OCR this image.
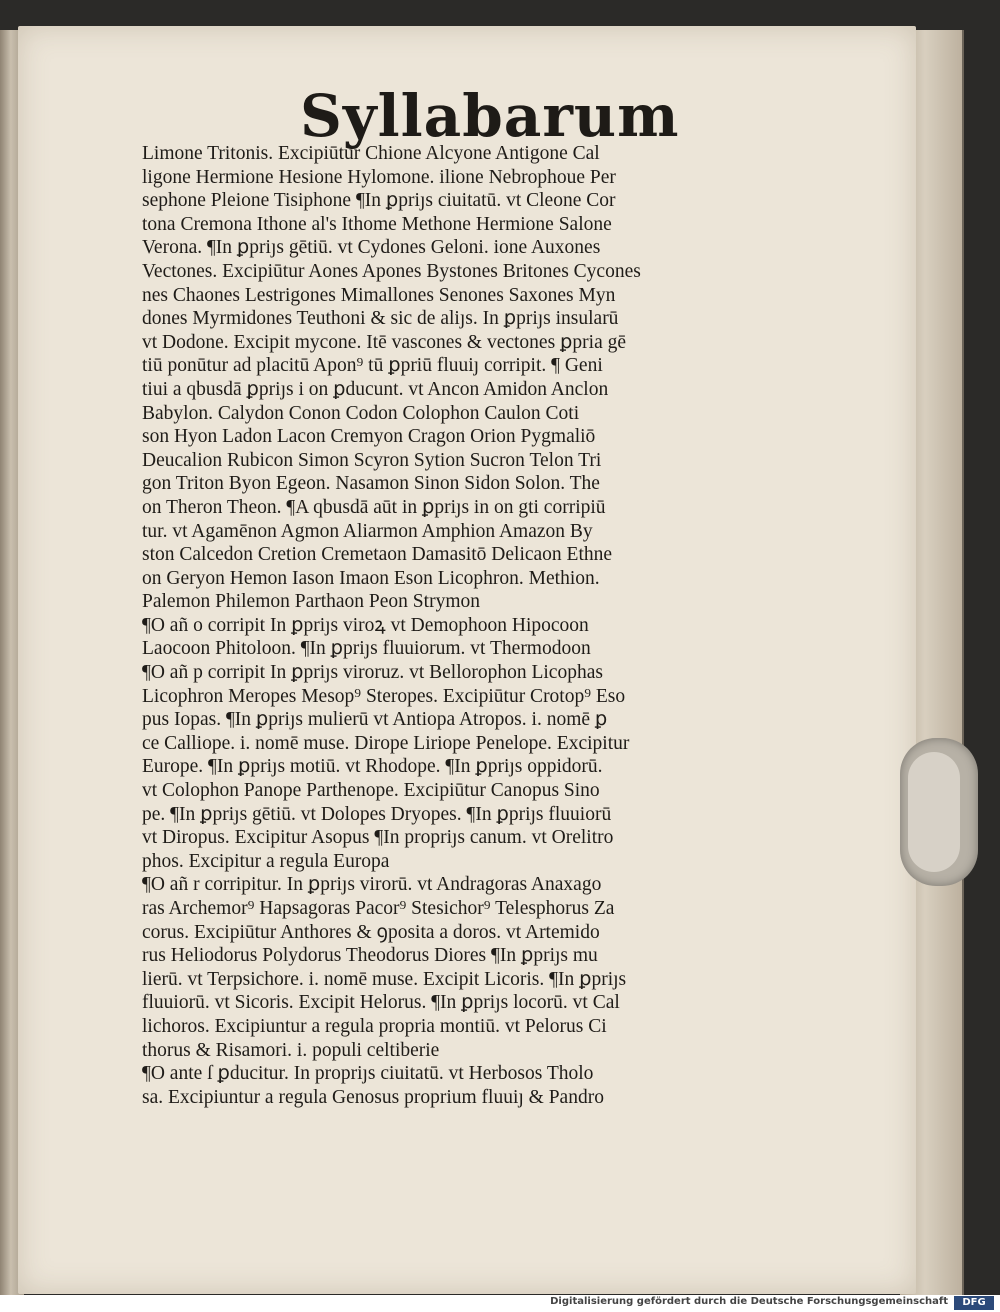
Syllabarum
Limone Tritonis. Excipiūtur Chione Alcyone Antigone Cal
ligone Hermione Hesione Hylomone. ilione Nebrophoue Per
sephone Pleione Tisiphone ¶In ꝑpriȷs ciuitatū. vt Cleone Cor
tona Cremona Ithone al's Ithome Methone Hermione Salone
Verona. ¶In ꝑpriȷs gētiū. vt Cydones Geloni. ione Auxones
Vectones. Excipiūtur Aones Apones Bystones Britones Cycones
nes Chaones Lestrigones Mimallones Senones Saxones Myn
dones Myrmidones Teuthoni & sic de aliȷs. In ꝑpriȷs insularū
vt Dodone. Excipit mycone. Itē vascones & vectones ꝑpria gē
tiū ponūtur ad placitū Apon⁹ tū ꝑpriū fluuiȷ corripit. ¶ Geni
tiui a qbusdā ꝑpriȷs i on ꝑducunt. vt Ancon Amidon Anclon
Babylon. Calydon Conon Codon Colophon Caulon Coti
son Hyon Ladon Lacon Cremyon Cragon Orion Pygmaliō
Deucalion Rubicon Simon Scyron Sytion Sucron Telon Tri
gon Triton Byon Egeon. Nasamon Sinon Sidon Solon. The
on Theron Theon. ¶A qbusdā aūt in ꝑpriȷs in on gti corripiū
tur. vt Agamēnon Agmon Aliarmon Amphion Amazon By
ston Calcedon Cretion Cremetaon Damasitō Delicaon Ethne
on Geryon Hemon Iason Imaon Eson Licophron. Methion.
Palemon Philemon Parthaon Peon Strymon
¶O añ o corripit In ꝑpriȷs viroꝝ vt Demophoon Hipocoon
Laocoon Phitoloon. ¶In ꝑpriȷs fluuiorum. vt Thermodoon
¶O añ p corripit In ꝑpriȷs viroruz. vt Bellorophon Licophas
Licophron Meropes Mesop⁹ Steropes. Excipiūtur Crotop⁹ Eso
pus Iopas. ¶In ꝑpriȷs mulierū vt Antiopa Atropos. i. nomē ꝑ
ce Calliope. i. nomē muse. Dirope Liriope Penelope. Excipitur
Europe. ¶In ꝑpriȷs motiū. vt Rhodope. ¶In ꝑpriȷs oppidorū.
vt Colophon Panope Parthenope. Excipiūtur Canopus Sino
pe. ¶In ꝑpriȷs gētiū. vt Dolopes Dryopes. ¶In ꝑpriȷs fluuiorū
vt Diropus. Excipitur Asopus ¶In propriȷs canum. vt Orelitro
phos. Excipitur a regula Europa
¶O añ r corripitur. In ꝑpriȷs virorū. vt Andragoras Anaxago
ras Archemor⁹ Hapsagoras Pacor⁹ Stesichor⁹ Telesphorus Za
corus. Excipiūtur Anthores & ꝯposita a doros. vt Artemido
rus Heliodorus Polydorus Theodorus Diores ¶In ꝑpriȷs mu
lierū. vt Terpsichore. i. nomē muse. Excipit Licoris. ¶In ꝑpriȷs
fluuiorū. vt Sicoris. Excipit Helorus. ¶In ꝑpriȷs locorū. vt Cal
lichoros. Excipiuntur a regula propria montiū. vt Pelorus Ci
thorus & Risamori. i. populi celtiberie
¶O ante ſ ꝑducitur. In propriȷs ciuitatū. vt Herbosos Tholo
sa. Excipiuntur a regula Genosus proprium fluuiȷ & Pandro
Digitalisierung gefördert durch die Deutsche Forschungsgemeinschaft	DFG
